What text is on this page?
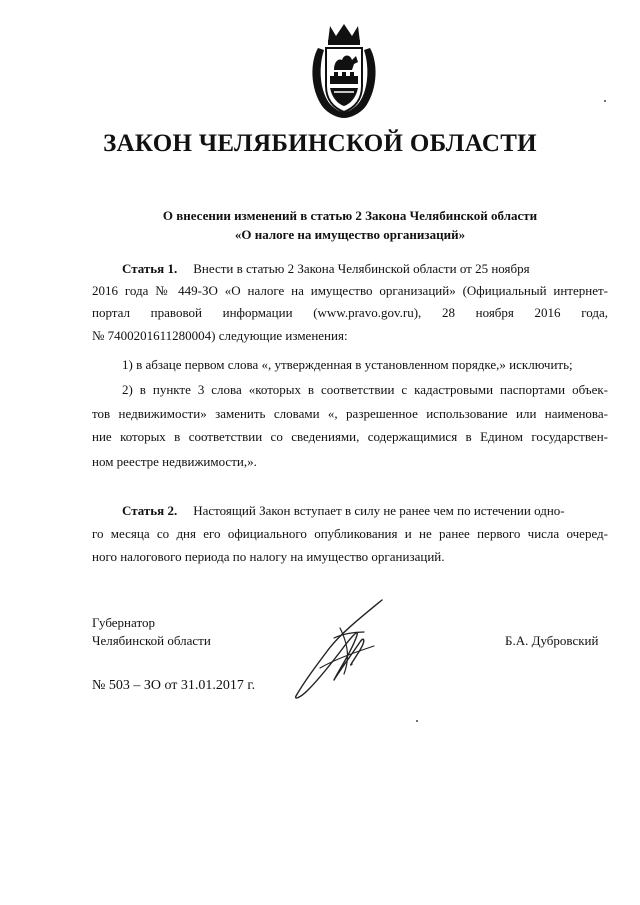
ЗАКОН ЧЕЛЯБИНСКОЙ ОБЛАСТИ
О внесении изменений в статью 2 Закона Челябинской области
«О налоге на имущество организаций»
Статья 1. Внести в статью 2 Закона Челябинской области от 25 ноября
2016 года № 449-ЗО «О налоге на имущество организаций» (Официальный интернет-
портал правовой информации (www.pravo.gov.ru), 28 ноября 2016 года,
№ 7400201611280004) следующие изменения:
1) в абзаце первом слова «, утвержденная в установленном порядке,» исключить;
2) в пункте 3 слова «которых в соответствии с кадастровыми паспортами объек-
тов недвижимости» заменить словами «, разрешенное использование или наименова-
ние которых в соответствии со сведениями, содержащимися в Едином государствен-
ном реестре недвижимости,».
Статья 2. Настоящий Закон вступает в силу не ранее чем по истечении одно-
го месяца со дня его официального опубликования и не ранее первого числа очеред-
ного налогового периода по налогу на имущество организаций.
Губернатор
Челябинской области	Б.А. Дубровский
№ 503 – ЗО от 31.01.2017 г.
